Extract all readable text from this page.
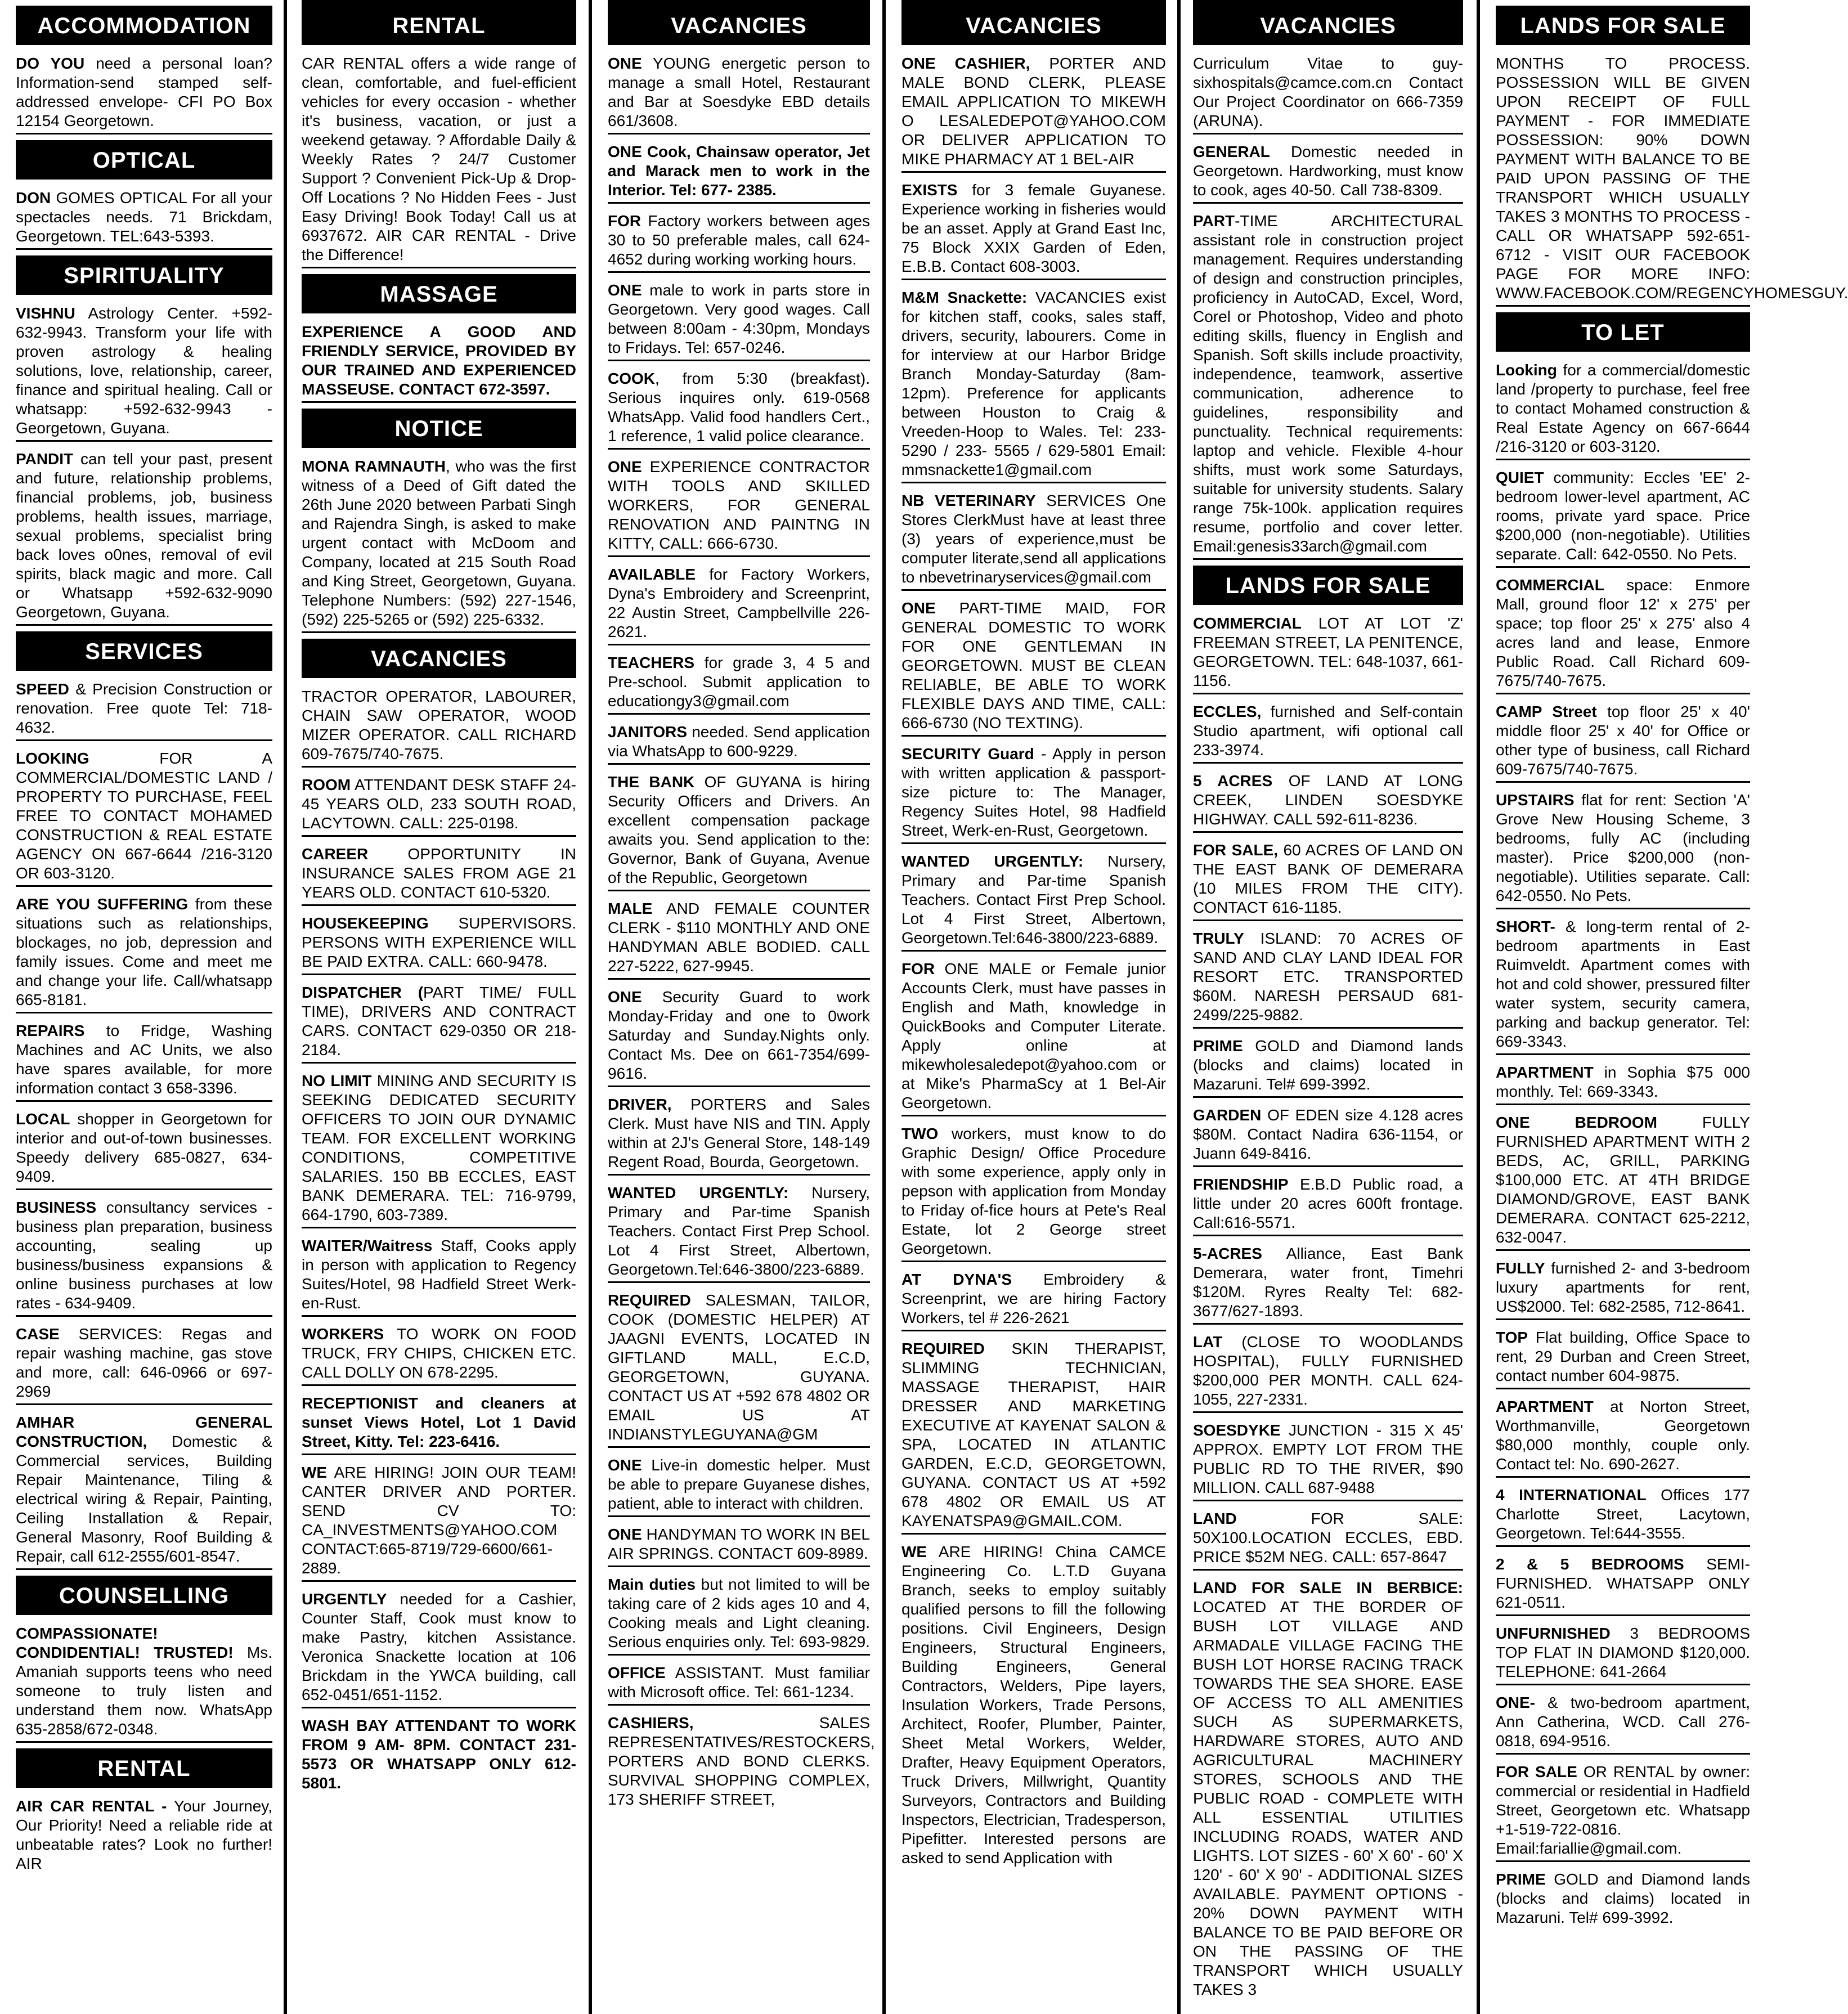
ACCOMMODATION
DO YOU need a personal loan? Information-send stamped self-addressed envelope- CFI PO Box 12154 Georgetown.
OPTICAL
DON GOMES OPTICAL For all your spectacles needs. 71 Brickdam, Georgetown. TEL:643-5393.
SPIRITUALITY
VISHNU Astrology Center. +592-632-9943. Transform your life with proven astrology & healing solutions, love, relationship, career, finance and spiritual healing. Call or whatsapp: +592-632-9943 - Georgetown, Guyana.
PANDIT can tell your past, present and future, relationship problems, financial problems, job, business problems, health issues, marriage, sexual problems, specialist bring back loves o0nes, removal of evil spirits, black magic and more. Call or Whatsapp +592-632-9090 Georgetown, Guyana.
SERVICES
SPEED & Precision Construction or renovation. Free quote Tel: 718-4632.
LOOKING FOR A COMMERCIAL/DOMESTIC LAND / PROPERTY TO PURCHASE, FEEL FREE TO CONTACT MOHAMED CONSTRUCTION & REAL ESTATE AGENCY ON 667-6644 /216-3120 OR 603-3120.
ARE YOU SUFFERING from these situations such as relationships, blockages, no job, depression and family issues. Come and meet me and change your life. Call/whatsapp 665-8181.
REPAIRS to Fridge, Washing Machines and AC Units, we also have spares available, for more information contact 3 658-3396.
LOCAL shopper in Georgetown for interior and out-of-town businesses. Speedy delivery 685-0827, 634-9409.
BUSINESS consultancy services - business plan preparation, business accounting, sealing up business/business expansions & online business purchases at low rates - 634-9409.
CASE SERVICES: Regas and repair washing machine, gas stove and more, call: 646-0966 or 697-2969
AMHAR GENERAL CONSTRUCTION, Domestic & Commercial services, Building Repair Maintenance, Tiling & electrical wiring & Repair, Painting, Ceiling Installation & Repair, General Masonry, Roof Building & Repair, call 612-2555/601-8547.
COUNSELLING
COMPASSIONATE! CONDIDENTIAL! TRUSTED! Ms. Amaniah supports teens who need someone to truly listen and understand them now. WhatsApp 635-2858/672-0348.
RENTAL
AIR CAR RENTAL - Your Journey, Our Priority! Need a reliable ride at unbeatable rates? Look no further! AIR
RENTAL
CAR RENTAL offers a wide range of clean, comfortable, and fuel-efficient vehicles for every occasion - whether it's business, vacation, or just a weekend getaway. ? Affordable Daily & Weekly Rates ? 24/7 Customer Support ? Convenient Pick-Up & Drop-Off Locations ? No Hidden Fees - Just Easy Driving! Book Today! Call us at 6937672. AIR CAR RENTAL - Drive the Difference!
MASSAGE
EXPERIENCE A GOOD AND FRIENDLY SERVICE, PROVIDED BY OUR TRAINED AND EXPERIENCED MASSEUSE. CONTACT 672-3597.
NOTICE
MONA RAMNAUTH, who was the first witness of a Deed of Gift dated the 26th June 2020 between Parbati Singh and Rajendra Singh, is asked to make urgent contact with McDoom and Company, located at 215 South Road and King Street, Georgetown, Guyana. Telephone Numbers: (592) 227-1546, (592) 225-5265 or (592) 225-6332.
VACANCIES
TRACTOR OPERATOR, LABOURER, CHAIN SAW OPERATOR, WOOD MIZER OPERATOR. CALL RICHARD 609-7675/740-7675.
ROOM ATTENDANT DESK STAFF 24-45 YEARS OLD, 233 SOUTH ROAD, LACYTOWN. CALL: 225-0198.
CAREER OPPORTUNITY IN INSURANCE SALES FROM AGE 21 YEARS OLD. CONTACT 610-5320.
HOUSEKEEPING SUPERVISORS. PERSONS WITH EXPERIENCE WILL BE PAID EXTRA. CALL: 660-9478.
DISPATCHER (PART TIME/ FULL TIME), DRIVERS AND CONTRACT CARS. CONTACT 629-0350 OR 218-2184.
NO LIMIT MINING AND SECURITY IS SEEKING DEDICATED SECURITY OFFICERS TO JOIN OUR DYNAMIC TEAM. FOR EXCELLENT WORKING CONDITIONS, COMPETITIVE SALARIES. 150 BB ECCLES, EAST BANK DEMERARA. TEL: 716-9799, 664-1790, 603-7389.
WAITER/Waitress Staff, Cooks apply in person with application to Regency Suites/Hotel, 98 Hadfield Street Werk-en-Rust.
WORKERS TO WORK ON FOOD TRUCK, FRY CHIPS, CHICKEN ETC. CALL DOLLY ON 678-2295.
RECEPTIONIST and cleaners at sunset Views Hotel, Lot 1 David Street, Kitty. Tel: 223-6416.
WE ARE HIRING! JOIN OUR TEAM! CANTER DRIVER AND PORTER. SEND CV TO: CA_INVESTMENTS@YAHOO.COM CONTACT:665-8719/729-6600/661-2889.
URGENTLY needed for a Cashier, Counter Staff, Cook must know to make Pastry, kitchen Assistance. Veronica Snackette location at 106 Brickdam in the YWCA building, call 652-0451/651-1152.
WASH BAY ATTENDANT TO WORK FROM 9 AM- 8PM. CONTACT 231-5573 OR WHATSAPP ONLY 612-5801.
VACANCIES
ONE YOUNG energetic person to manage a small Hotel, Restaurant and Bar at Soesdyke EBD details 661/3608.
ONE Cook, Chainsaw operator, Jet and Marack men to work in the Interior. Tel: 677- 2385.
FOR Factory workers between ages 30 to 50 preferable males, call 624-4652 during working working hours.
ONE male to work in parts store in Georgetown. Very good wages. Call between 8:00am - 4:30pm, Mondays to Fridays. Tel: 657-0246.
COOK, from 5:30 (breakfast). Serious inquires only. 619-0568 WhatsApp. Valid food handlers Cert., 1 reference, 1 valid police clearance.
ONE EXPERIENCE CONTRACTOR WITH TOOLS AND SKILLED WORKERS, FOR GENERAL RENOVATION AND PAINTNG IN KITTY, CALL: 666-6730.
AVAILABLE for Factory Workers, Dyna's Embroidery and Screenprint, 22 Austin Street, Campbellville 226-2621.
TEACHERS for grade 3, 4 5 and Pre-school. Submit application to educationgy3@gmail.com
JANITORS needed. Send application via WhatsApp to 600-9229.
THE BANK OF GUYANA is hiring Security Officers and Drivers. An excellent compensation package awaits you. Send application to the: Governor, Bank of Guyana, Avenue of the Republic, Georgetown
MALE AND FEMALE COUNTER CLERK - $110 MONTHLY AND ONE HANDYMAN ABLE BODIED. CALL 227-5222, 627-9945.
ONE Security Guard to work Monday-Friday and one to 0work Saturday and Sunday.Nights only. Contact Ms. Dee on 661-7354/699-9616.
DRIVER, PORTERS and Sales Clerk. Must have NIS and TIN. Apply within at 2J's General Store, 148-149 Regent Road, Bourda, Georgetown.
WANTED URGENTLY: Nursery, Primary and Par-time Spanish Teachers. Contact First Prep School. Lot 4 First Street, Albertown, Georgetown.Tel:646-3800/223-6889.
REQUIRED SALESMAN, TAILOR, COOK (DOMESTIC HELPER) AT JAAGNI EVENTS, LOCATED IN GIFTLAND MALL, E.C.D, GEORGETOWN, GUYANA. CONTACT US AT +592 678 4802 OR EMAIL US AT INDIANSTYLEGUYANA@GM
ONE Live-in domestic helper. Must be able to prepare Guyanese dishes, patient, able to interact with children.
ONE HANDYMAN TO WORK IN BEL AIR SPRINGS. CONTACT 609-8989.
Main duties but not limited to will be taking care of 2 kids ages 10 and 4, Cooking meals and Light cleaning. Serious enquiries only. Tel: 693-9829.
OFFICE ASSISTANT. Must familiar with Microsoft office. Tel: 661-1234.
CASHIERS, SALES REPRESENTATIVES/RESTOCKERS, PORTERS AND BOND CLERKS. SURVIVAL SHOPPING COMPLEX, 173 SHERIFF STREET,
VACANCIES
ONE CASHIER, PORTER AND MALE BOND CLERK, PLEASE EMAIL APPLICATION TO MIKEWH O LESALEDEPOT@YAHOO.COM OR DELIVER APPLICATION TO MIKE PHARMACY AT 1 BEL-AIR
EXISTS for 3 female Guyanese. Experience working in fisheries would be an asset. Apply at Grand East Inc, 75 Block XXIX Garden of Eden, E.B.B. Contact 608-3003.
M&M Snackette: VACANCIES exist for kitchen staff, cooks, sales staff, drivers, security, labourers. Come in for interview at our Harbor Bridge Branch Monday-Saturday (8am-12pm). Preference for applicants between Houston to Craig & Vreeden-Hoop to Wales. Tel: 233-5290 / 233- 5565 / 629-5801 Email: mmsnackette1@gmail.com
NB VETERINARY SERVICES One Stores ClerkMust have at least three (3) years of experience,must be computer literate,send all applications to nbevetrinaryservices@gmail.com
ONE PART-TIME MAID, FOR GENERAL DOMESTIC TO WORK FOR ONE GENTLEMAN IN GEORGETOWN. MUST BE CLEAN RELIABLE, BE ABLE TO WORK FLEXIBLE DAYS AND TIME, CALL: 666-6730 (NO TEXTING).
SECURITY Guard - Apply in person with written application & passport-size picture to: The Manager, Regency Suites Hotel, 98 Hadfield Street, Werk-en-Rust, Georgetown.
WANTED URGENTLY: Nursery, Primary and Par-time Spanish Teachers. Contact First Prep School. Lot 4 First Street, Albertown, Georgetown.Tel:646-3800/223-6889.
FOR ONE MALE or Female junior Accounts Clerk, must have passes in English and Math, knowledge in QuickBooks and Computer Literate. Apply online at mikewholesaledepot@yahoo.com or at Mike's PharmaScy at 1 Bel-Air Georgetown.
TWO workers, must know to do Graphic Design/ Office Procedure with some experience, apply only in pepson with application from Monday to Friday of-fice hours at Pete's Real Estate, lot 2 George street Georgetown.
AT DYNA'S Embroidery & Screenprint, we are hiring Factory Workers, tel # 226-2621
REQUIRED SKIN THERAPIST, SLIMMING TECHNICIAN, MASSAGE THERAPIST, HAIR DRESSER AND MARKETING EXECUTIVE AT KAYENAT SALON & SPA, LOCATED IN ATLANTIC GARDEN, E.C.D, GEORGETOWN, GUYANA. CONTACT US AT +592 678 4802 OR EMAIL US AT KAYENATSPA9@GMAIL.COM.
WE ARE HIRING! China CAMCE Engineering Co. L.T.D Guyana Branch, seeks to employ suitably qualified persons to fill the following positions. Civil Engineers, Design Engineers, Structural Engineers, Building Engineers, General Contractors, Welders, Pipe layers, Insulation Workers, Trade Persons, Architect, Roofer, Plumber, Painter, Sheet Metal Workers, Welder, Drafter, Heavy Equipment Operators, Truck Drivers, Millwright, Quantity Surveyors, Contractors and Building Inspectors, Electrician, Tradesperson, Pipefitter. Interested persons are asked to send Application with
VACANCIES
Curriculum Vitae to guy-sixhospitals@camce.com.cn Contact Our Project Coordinator on 666-7359 (ARUNA).
GENERAL Domestic needed in Georgetown. Hardworking, must know to cook, ages 40-50. Call 738-8309.
PART-TIME ARCHITECTURAL assistant role in construction project management. Requires understanding of design and construction principles, proficiency in AutoCAD, Excel, Word, Corel or Photoshop, Video and photo editing skills, fluency in English and Spanish. Soft skills include proactivity, independence, teamwork, assertive communication, adherence to guidelines, responsibility and punctuality. Technical requirements: laptop and vehicle. Flexible 4-hour shifts, must work some Saturdays, suitable for university students. Salary range 75k-100k. application requires resume, portfolio and cover letter. Email:genesis33arch@gmail.com
LANDS FOR SALE
COMMERCIAL LOT AT LOT 'Z' FREEMAN STREET, LA PENITENCE, GEORGETOWN. TEL: 648-1037, 661-1156.
ECCLES, furnished and Self-contain Studio apartment, wifi optional call 233-3974.
5 ACRES OF LAND AT LONG CREEK, LINDEN SOESDYKE HIGHWAY. CALL 592-611-8236.
FOR SALE, 60 ACRES OF LAND ON THE EAST BANK OF DEMERARA (10 MILES FROM THE CITY). CONTACT 616-1185.
TRULY ISLAND: 70 ACRES OF SAND AND CLAY LAND IDEAL FOR RESORT ETC. TRANSPORTED $60M. NARESH PERSAUD 681-2499/225-9882.
PRIME GOLD and Diamond lands (blocks and claims) located in Mazaruni. Tel# 699-3992.
GARDEN OF EDEN size 4.128 acres $80M. Contact Nadira 636-1154, or Juann 649-8416.
FRIENDSHIP E.B.D Public road, a little under 20 acres 600ft frontage. Call:616-5571.
5-ACRES Alliance, East Bank Demerara, water front, Timehri $120M. Ryres Realty Tel: 682-3677/627-1893.
LAT (CLOSE TO WOODLANDS HOSPITAL), FULLY FURNISHED $200,000 PER MONTH. CALL 624-1055, 227-2331.
SOESDYKE JUNCTION - 315 X 45' APPROX. EMPTY LOT FROM THE PUBLIC RD TO THE RIVER, $90 MILLION. CALL 687-9488
LAND FOR SALE: 50X100.LOCATION ECCLES, EBD. PRICE $52M NEG. CALL: 657-8647
LAND FOR SALE IN BERBICE: LOCATED AT THE BORDER OF BUSH LOT VILLAGE AND ARMADALE VILLAGE FACING THE BUSH LOT HORSE RACING TRACK TOWARDS THE SEA SHORE. EASE OF ACCESS TO ALL AMENITIES SUCH AS SUPERMARKETS, HARDWARE STORES, AUTO AND AGRICULTURAL MACHINERY STORES, SCHOOLS AND THE PUBLIC ROAD - COMPLETE WITH ALL ESSENTIAL UTILITIES INCLUDING ROADS, WATER AND LIGHTS. LOT SIZES - 60' X 60' - 60' X 120' - 60' X 90' - ADDITIONAL SIZES AVAILABLE. PAYMENT OPTIONS - 20% DOWN PAYMENT WITH BALANCE TO BE PAID BEFORE OR ON THE PASSING OF THE TRANSPORT WHICH USUALLY TAKES 3
LANDS FOR SALE
MONTHS TO PROCESS. POSSESSION WILL BE GIVEN UPON RECEIPT OF FULL PAYMENT - FOR IMMEDIATE POSSESSION: 90% DOWN PAYMENT WITH BALANCE TO BE PAID UPON PASSING OF THE TRANSPORT WHICH USUALLY TAKES 3 MONTHS TO PROCESS - CALL OR WHATSAPP 592-651-6712 - VISIT OUR FACEBOOK PAGE FOR MORE INFO: WWW.FACEBOOK.COM/REGENCYHOMESGUY.
TO LET
Looking for a commercial/domestic land /property to purchase, feel free to contact Mohamed construction & Real Estate Agency on 667-6644 /216-3120 or 603-3120.
QUIET community: Eccles 'EE' 2-bedroom lower-level apartment, AC rooms, private yard space. Price $200,000 (non-negotiable). Utilities separate. Call: 642-0550. No Pets.
COMMERCIAL space: Enmore Mall, ground floor 12' x 275' per space; top floor 25' x 275' also 4 acres land and lease, Enmore Public Road. Call Richard 609-7675/740-7675.
CAMP Street top floor 25' x 40' middle floor 25' x 40' for Office or other type of business, call Richard 609-7675/740-7675.
UPSTAIRS flat for rent: Section 'A' Grove New Housing Scheme, 3 bedrooms, fully AC (including master). Price $200,000 (non-negotiable). Utilities separate. Call: 642-0550. No Pets.
SHORT- & long-term rental of 2-bedroom apartments in East Ruimveldt. Apartment comes with hot and cold shower, pressured filter water system, security camera, parking and backup generator. Tel: 669-3343.
APARTMENT in Sophia $75 000 monthly. Tel: 669-3343.
ONE BEDROOM FULLY FURNISHED APARTMENT WITH 2 BEDS, AC, GRILL, PARKING $100,000 ETC. AT 4TH BRIDGE DIAMOND/GROVE, EAST BANK DEMERARA. CONTACT 625-2212, 632-0047.
FULLY furnished 2- and 3-bedroom luxury apartments for rent, US$2000. Tel: 682-2585, 712-8641.
TOP Flat building, Office Space to rent, 29 Durban and Creen Street, contact number 604-9875.
APARTMENT at Norton Street, Worthmanville, Georgetown $80,000 monthly, couple only. Contact tel: No. 690-2627.
4 INTERNATIONAL Offices 177 Charlotte Street, Lacytown, Georgetown. Tel:644-3555.
2 & 5 BEDROOMS SEMI-FURNISHED. WHATSAPP ONLY 621-0511.
UNFURNISHED 3 BEDROOMS TOP FLAT IN DIAMOND $120,000. TELEPHONE: 641-2664
ONE- & two-bedroom apartment, Ann Catherina, WCD. Call 276-0818, 694-9516.
FOR SALE OR RENTAL by owner: commercial or residential in Hadfield Street, Georgetown etc. Whatsapp +1-519-722-0816. Email:fariallie@gmail.com.
PRIME GOLD and Diamond lands (blocks and claims) located in Mazaruni. Tel# 699-3992.
